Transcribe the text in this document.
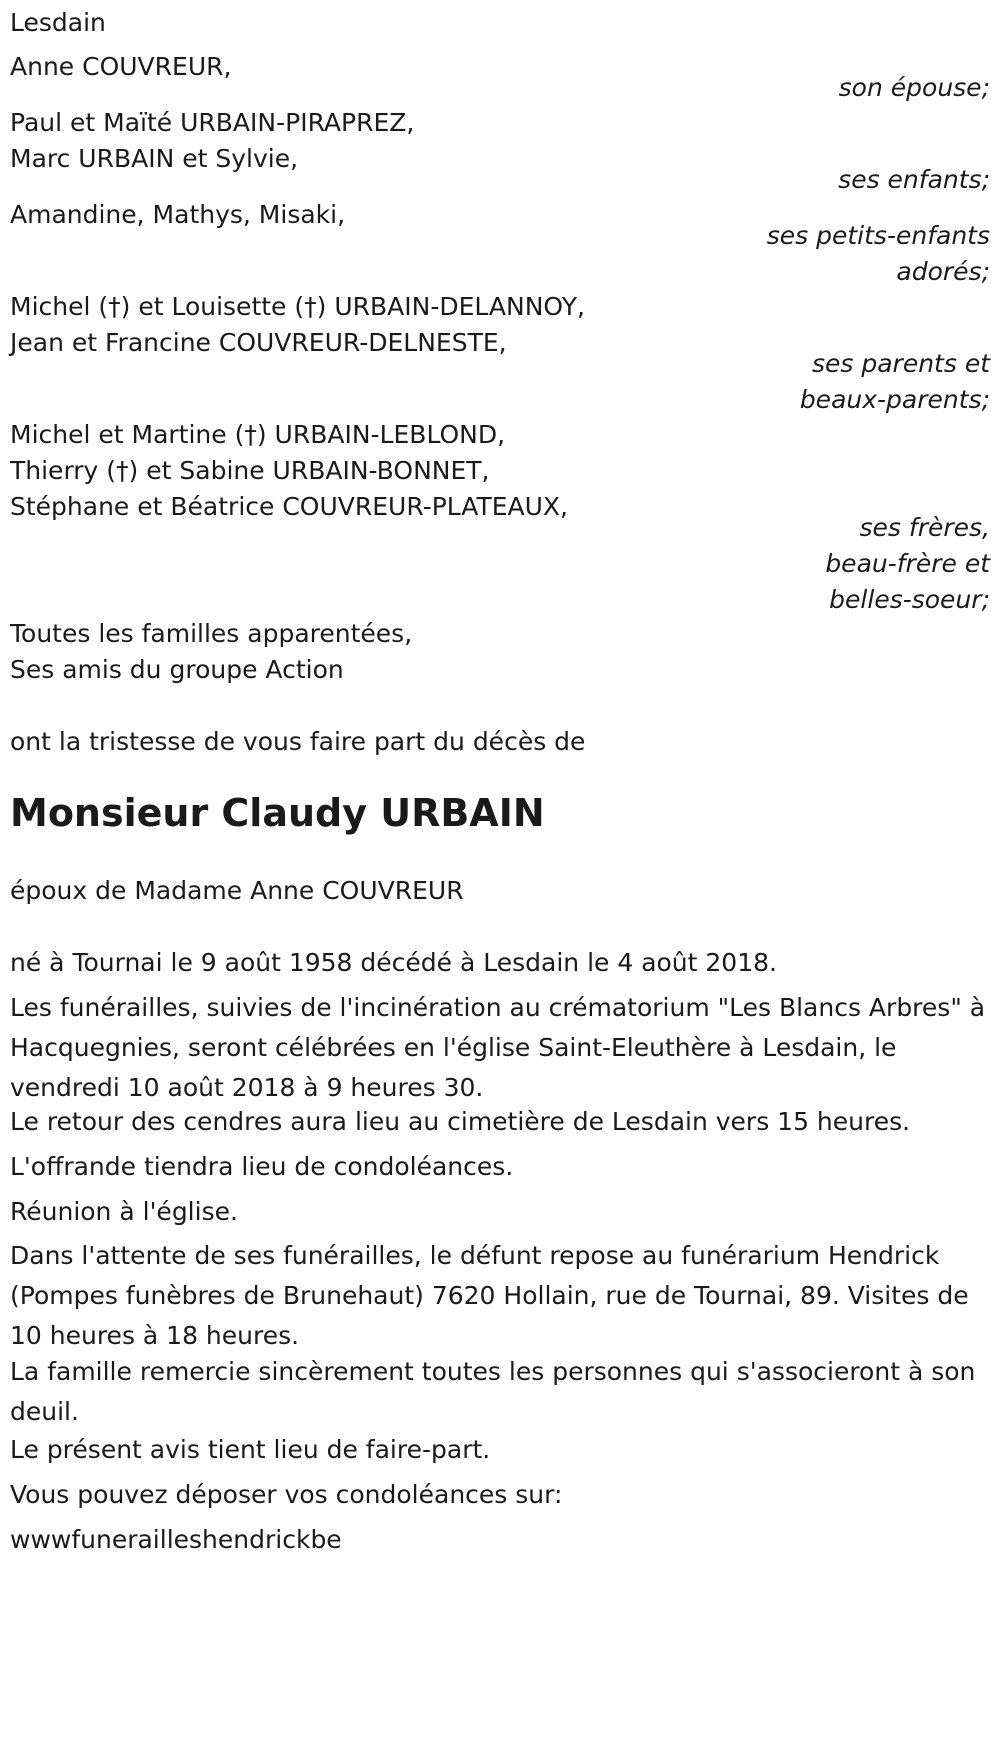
Lesdain
Anne COUVREUR,
son épouse;
Paul et Maïté URBAIN-PIRAPREZ,
Marc URBAIN et Sylvie,
ses enfants;
Amandine, Mathys, Misaki,
ses petits-enfants
adorés;
Michel (†) et Louisette (†) URBAIN-DELANNOY,
Jean et Francine COUVREUR-DELNESTE,
ses parents et
beaux-parents;
Michel et Martine (†) URBAIN-LEBLOND,
Thierry (†) et Sabine URBAIN-BONNET,
Stéphane et Béatrice COUVREUR-PLATEAUX,
ses frères,
beau-frère et
belles-soeur;
Toutes les familles apparentées,
Ses amis du groupe Action
ont la tristesse de vous faire part du décès de
Monsieur Claudy URBAIN
époux de Madame Anne COUVREUR
né à Tournai le 9 août 1958 décédé à Lesdain le 4 août 2018.
Les funérailles, suivies de l'incinération au crématorium "Les Blancs Arbres" à Hacquegnies, seront célébrées en l'église Saint-Eleuthère à Lesdain, le vendredi 10 août 2018 à 9 heures 30.
Le retour des cendres aura lieu au cimetière de Lesdain vers 15 heures.
L'offrande tiendra lieu de condoléances.
Réunion à l'église.
Dans l'attente de ses funérailles, le défunt repose au funérarium Hendrick (Pompes funèbres de Brunehaut) 7620 Hollain, rue de Tournai, 89. Visites de 10 heures à 18 heures.
La famille remercie sincèrement toutes les personnes qui s'associeront à son deuil.
Le présent avis tient lieu de faire-part.
Vous pouvez déposer vos condoléances sur:
wwwfunerailleshendrickbe
